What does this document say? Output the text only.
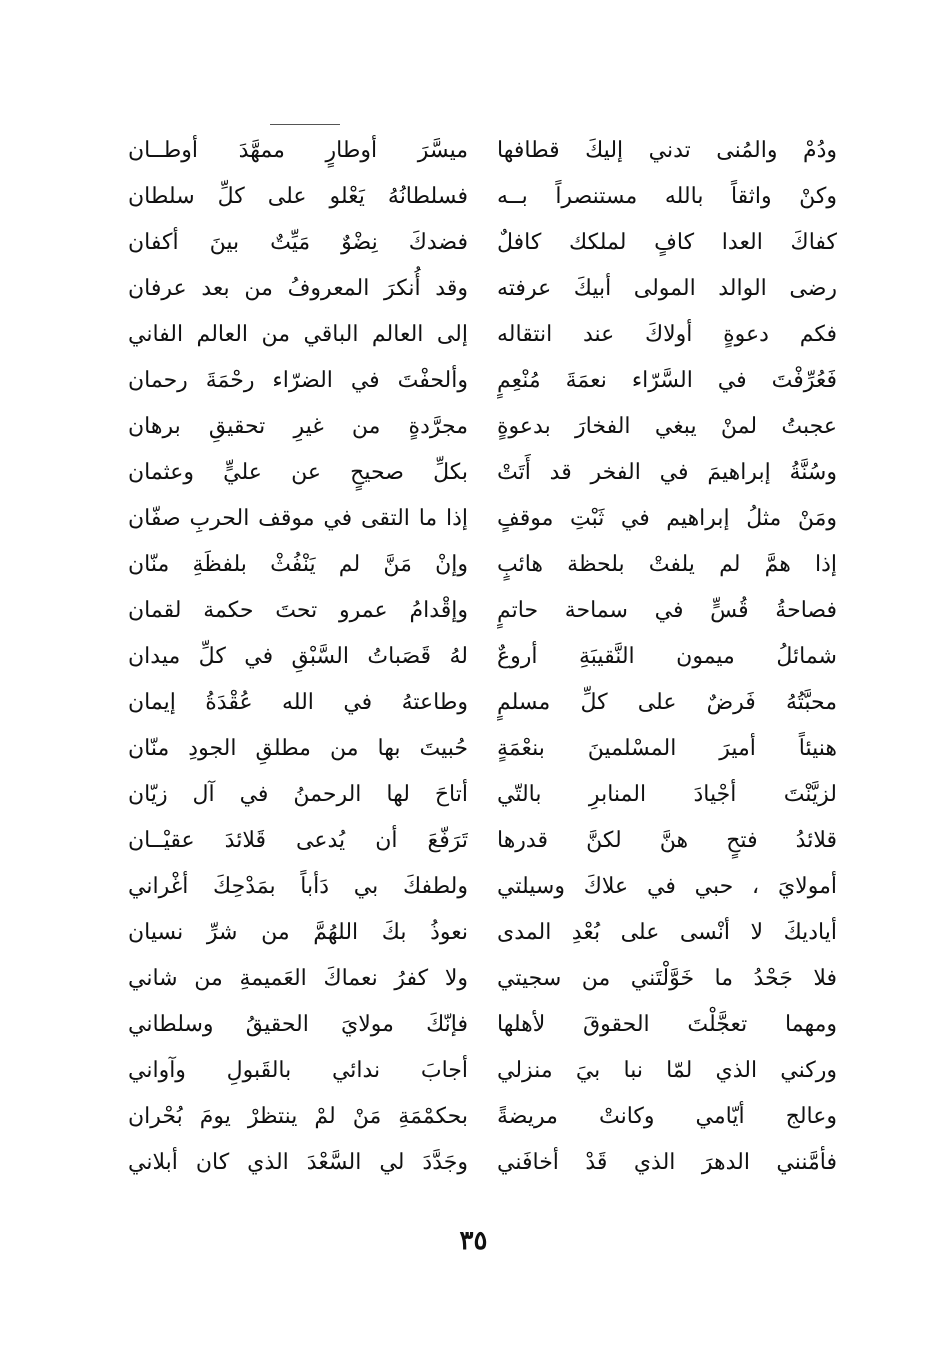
ودُمْ والمُنى تدني إليكَ قطافها
وكنْ واثقاً بالله مستنصراً بــه
كفاكَ العدا كافٍ لملكك كافلٌ
رضى الوالد المولى أبيكَ عرفته
فكم دعوةٍ أولاكَ عند انتقاله
فَعُرِّفْتَ في السَّرّاء نعمَةَ مُنْعِمٍ
عجبتُ لمنْ يبغي الفخارَ بدعوةٍ
وسُنَّةُ إبراهيمَ في الفخر قد أَتَتْ
ومَنْ مثلُ إبراهيم في ثَبْتِ موقفٍ
إذا همَّ لم يلفتْ بلحظة هائبٍ
فصاحةُ قُسٍّ في سماحة حاتمٍ
شمائلُ ميمون النَّقيبَةِ أروعٌ
محبَّتُهُ فَرضٌ على كلِّ مسلمٍ
هنيئاً أميرَ المسْلمينَ بنعْمَةٍ
لزيَّنْتَ أجْيادَ المنابرِ بالتّي
قلائدُ فتحٍ هنَّ لكنَّ قدرها
أمولايَ ، حبي في علاكَ وسيلتي
أياديكَ لا أنْسى على بُعْدِ المدى
فلا جَحْدُ ما خَوَّلْتَني من سجيتي
ومهما تعجَّلْتَ الحقوقَ لأهلها
وركني الذي لمّا نبا بيَ منزلي
وعالج أيّامي وكانتْ مريضةً
فأمَّنني الدهرَ الذي قَدْ أخافَني
ميسَّرَ أوطارٍ ممهَّدَ أوطــان
فسلطانُهُ يَعْلو على كلِّ سلطان
فضدكَ نِضْوٌ مَيِّتٌ بينَ أكفان
وقد أُنكرَ المعروفُ من بعد عرفان
إلى العالم الباقي من العالم الفاني
وألحفْتَ في الضرّاء رحْمَةَ رحمان
مجرَّدةٍ من غيرِ تحقيقِ برهان
بكلِّ صحيحٍ عن عليٍّ وعثمان
إذا ما التقى في موقف الحربِ صفّان
وإنْ مَنَّ لم يَنْفُثْ بلفظَةِ منّان
وإقْدامُ عمرو تحتَ حكمة لقمان
لهُ قَصَباتُ السَّبْقِ في كلِّ ميدان
وطاعتهُ في الله عُقْدَةُ إيمان
حُبيتَ بها من مطلقِ الجودِ منّان
أتاحَ لها الرحمنُ في آل زيّان
تَرَفّعَ أن يُدعى قَلائدَ عقيْــان
ولطفكَ بي دَأباً بمَدْحِكَ أغْراني
نعوذُ بكَ اللهُمَّ من شرِّ نسيان
ولا كفرُ نعماكَ العَميمةِ من شاني
فإنّكَ مولايَ الحقيقُ وسلطاني
أجابَ ندائي بالقَبولِ وآواني
بحكمْمَةِ مَنْ لمْ ينتظرْ يومَ بُحْران
وجَدَّدَ لي السَّعْدَ الذي كان أبلاني
٣٥
